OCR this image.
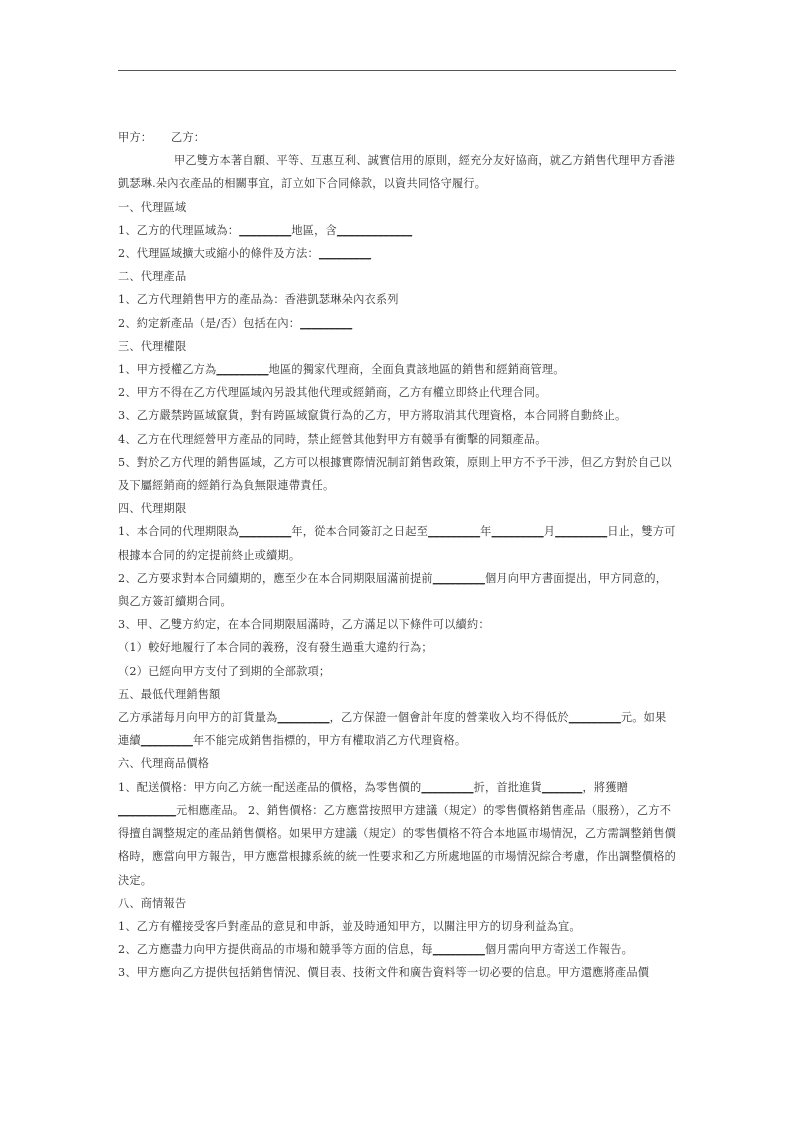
甲方： 乙方：

甲乙雙方本著自願、平等、互惠互利、誠實信用的原則，經充分友好協商，就乙方銷售代理甲方香港凱瑟琳.朵內衣產品的相關事宜，訂立如下合同條款，以資共同恪守履行。

一、代理區域

1、乙方的代理區域為：_________地區，含_____________

2、代理區域擴大或縮小的條件及方法：_________

二、代理產品

1、乙方代理銷售甲方的產品為：香港凱瑟琳朵內衣系列

2、約定新產品（是/否）包括在內：_________

三、代理權限

1、甲方授權乙方為_________地區的獨家代理商，全面負責該地區的銷售和經銷商管理。

2、甲方不得在乙方代理區域內另設其他代理或經銷商，乙方有權立即終止代理合同。

3、乙方嚴禁跨區域竄貨，對有跨區域竄貨行為的乙方，甲方將取消其代理資格，本合同將自動終止。

4、乙方在代理經營甲方產品的同時，禁止經營其他對甲方有競爭有衝擊的同類產品。

5、對於乙方代理的銷售區域，乙方可以根據實際情況制訂銷售政策，原則上甲方不予干涉，但乙方對於自己以及下屬經銷商的經銷行為負無限連帶責任。

四、代理期限

1、本合同的代理期限為_________年，從本合同簽訂之日起至_________年_________月_________日止，雙方可根據本合同的約定提前終止或續期。

2、乙方要求對本合同續期的，應至少在本合同期限屆滿前提前_________個月向甲方書面提出，甲方同意的，與乙方簽訂續期合同。

3、甲、乙雙方約定，在本合同期限屆滿時，乙方滿足以下條件可以續約：

（1）較好地履行了本合同的義務，沒有發生過重大違約行為；

（2）已經向甲方支付了到期的全部款項；

五、最低代理銷售額

乙方承諾每月向甲方的訂貨量為_________，乙方保證一個會計年度的營業收入均不得低於_________元。如果連續_________年不能完成銷售指標的，甲方有權取消乙方代理資格。

六、代理商品價格

1、配送價格：甲方向乙方統一配送產品的價格，為零售價的_________折，首批進貨_______，將獲贈__________元相應產品。 2、銷售價格：乙方應當按照甲方建議（規定）的零售價格銷售產品（服務），乙方不得擅自調整規定的產品銷售價格。如果甲方建議（規定）的零售價格不符合本地區市場情況，乙方需調整銷售價格時，應當向甲方報告，甲方應當根據系統的統一性要求和乙方所處地區的市場情況綜合考慮，作出調整價格的決定。

八、商情報告

1、乙方有權接受客戶對產品的意見和申訴，並及時通知甲方，以關注甲方的切身利益為宜。

2、乙方應盡力向甲方提供商品的市場和競爭等方面的信息，每_________個月需向甲方寄送工作報告。

3、甲方應向乙方提供包括銷售情況、價目表、技術文件和廣告資料等一切必要的信息。甲方還應將產品價
